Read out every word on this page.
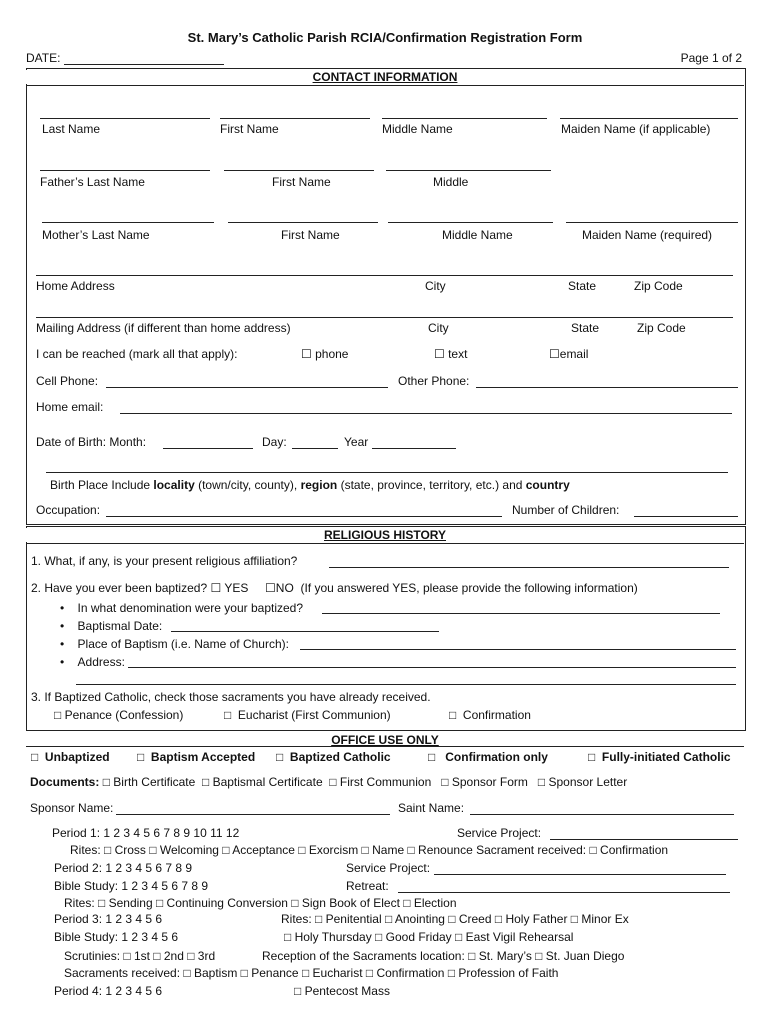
St. Mary’s Catholic Parish RCIA/Confirmation Registration Form
DATE:	Page 1 of 2
CONTACT INFORMATION
Last Name	First Name	Middle Name	Maiden Name (if applicable)
Father’s Last Name	First Name	Middle
Mother’s Last Name	First Name	Middle Name	Maiden Name (required)
Home Address	City	State	Zip Code
Mailing Address (if different than home address)	City	State	Zip Code
I can be reached (mark all that apply):	☐ phone	☐ text	☐email
Cell Phone:	Other Phone:
Home email:
Date of Birth: Month:	Day:	Year
Birth Place Include locality (town/city, county), region (state, province, territory, etc.) and country
Occupation:	Number of Children:
RELIGIOUS HISTORY
1. What, if any, is your present religious affiliation?
2. Have you ever been baptized? ☐ YES ☐NO (If you answered YES, please provide the following information)
•    In what denomination were your baptized?
•    Baptismal Date:
•    Place of Baptism (i.e. Name of Church):
•    Address:
3. If Baptized Catholic, check those sacraments you have already received.
□ Penance (Confession)	□  Eucharist (First Communion)	□  Confirmation
OFFICE USE ONLY
□  Unbaptized □  Baptism Accepted □  Baptized Catholic	□   Confirmation only	□  Fully-initiated Catholic
Documents: □ Birth Certificate □ Baptismal Certificate □ First Communion □ Sponsor Form □ Sponsor Letter
Sponsor Name:	Saint Name:
Period 1: 1 2 3 4 5 6 7 8 9 10 11 12	Service Project:
Rites: □ Cross □ Welcoming □ Acceptance □ Exorcism □ Name □ Renounce Sacrament received: □ Confirmation
Period 2: 1 2 3 4 5 6 7 8 9	Service Project:
Bible Study: 1 2 3 4 5 6 7 8 9	Retreat:
Rites: □ Sending □ Continuing Conversion □ Sign Book of Elect □ Election
Period 3: 1 2 3 4 5 6	Rites: □ Penitential □ Anointing □ Creed □ Holy Father □ Minor Ex
Bible Study: 1 2 3 4 5 6	□ Holy Thursday □ Good Friday □ East Vigil Rehearsal
Scrutinies: □ 1st □ 2nd □ 3rd	Reception of the Sacraments location: □ St. Mary’s □ St. Juan Diego
Sacraments received: □ Baptism □ Penance □ Eucharist □ Confirmation □ Profession of Faith
Period 4: 1 2 3 4 5 6	□ Pentecost Mass
